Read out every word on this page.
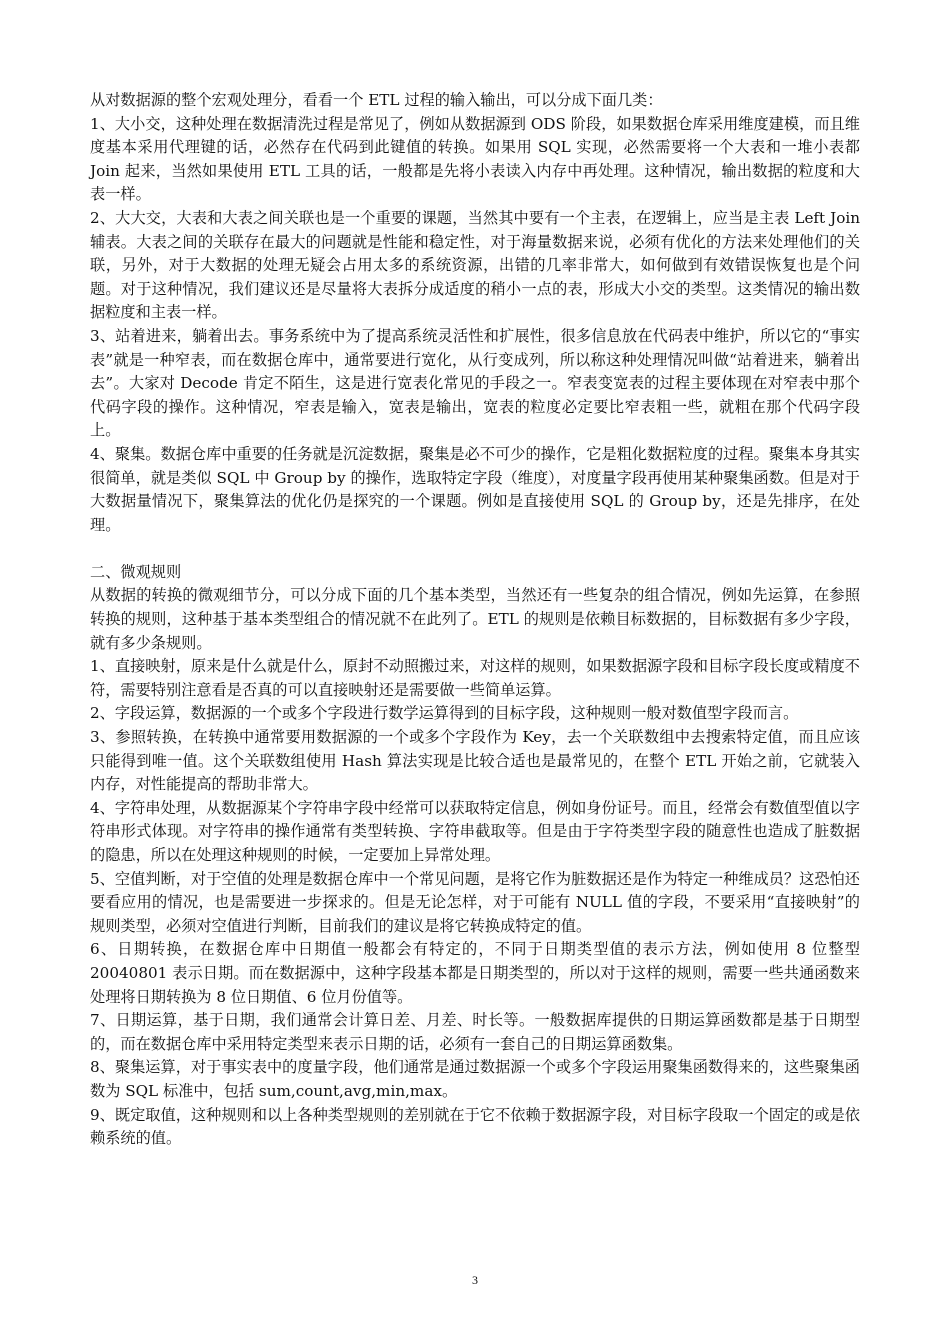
从对数据源的整个宏观处理分，看看一个 ETL 过程的输入输出，可以分成下面几类：

1、大小交，这种处理在数据清洗过程是常见了，例如从数据源到 ODS 阶段，如果数据仓库采用维度建模，而且维度基本采用代理键的话，必然存在代码到此键值的转换。如果用 SQL 实现，必然需要将一个大表和一堆小表都 Join 起来，当然如果使用 ETL 工具的话，一般都是先将小表读入内存中再处理。这种情况，输出数据的粒度和大表一样。

2、大大交，大表和大表之间关联也是一个重要的课题，当然其中要有一个主表，在逻辑上，应当是主表 Left Join 辅表。大表之间的关联存在最大的问题就是性能和稳定性，对于海量数据来说，必须有优化的方法来处理他们的关联，另外，对于大数据的处理无疑会占用太多的系统资源，出错的几率非常大，如何做到有效错误恢复也是个问题。对于这种情况，我们建议还是尽量将大表拆分成适度的稍小一点的表，形成大小交的类型。这类情况的输出数据粒度和主表一样。

3、站着进来，躺着出去。事务系统中为了提高系统灵活性和扩展性，很多信息放在代码表中维护，所以它的“事实表”就是一种窄表，而在数据仓库中，通常要进行宽化，从行变成列，所以称这种处理情况叫做“站着进来，躺着出去”。大家对 Decode 肯定不陌生，这是进行宽表化常见的手段之一。窄表变宽表的过程主要体现在对窄表中那个代码字段的操作。这种情况，窄表是输入，宽表是输出，宽表的粒度必定要比窄表粗一些，就粗在那个代码字段上。

4、聚集。数据仓库中重要的任务就是沉淀数据，聚集是必不可少的操作，它是粗化数据粒度的过程。聚集本身其实很简单，就是类似 SQL 中 Group by 的操作，选取特定字段（维度），对度量字段再使用某种聚集函数。但是对于大数据量情况下，聚集算法的优化仍是探究的一个课题。例如是直接使用 SQL 的 Group by，还是先排序，在处理。

二、微观规则

从数据的转换的微观细节分，可以分成下面的几个基本类型，当然还有一些复杂的组合情况，例如先运算，在参照转换的规则，这种基于基本类型组合的情况就不在此列了。ETL 的规则是依赖目标数据的，目标数据有多少字段，就有多少条规则。

1、直接映射，原来是什么就是什么，原封不动照搬过来，对这样的规则，如果数据源字段和目标字段长度或精度不符，需要特别注意看是否真的可以直接映射还是需要做一些简单运算。

2、字段运算，数据源的一个或多个字段进行数学运算得到的目标字段，这种规则一般对数值型字段而言。

3、参照转换，在转换中通常要用数据源的一个或多个字段作为 Key，去一个关联数组中去搜索特定值，而且应该只能得到唯一值。这个关联数组使用 Hash 算法实现是比较合适也是最常见的，在整个 ETL 开始之前，它就装入内存，对性能提高的帮助非常大。

4、字符串处理，从数据源某个字符串字段中经常可以获取特定信息，例如身份证号。而且，经常会有数值型值以字符串形式体现。对字符串的操作通常有类型转换、字符串截取等。但是由于字符类型字段的随意性也造成了脏数据的隐患，所以在处理这种规则的时候，一定要加上异常处理。

5、空值判断，对于空值的处理是数据仓库中一个常见问题，是将它作为脏数据还是作为特定一种维成员？这恐怕还要看应用的情况，也是需要进一步探求的。但是无论怎样，对于可能有 NULL 值的字段，不要采用“直接映射”的规则类型，必须对空值进行判断，目前我们的建议是将它转换成特定的值。

6、日期转换，在数据仓库中日期值一般都会有特定的，不同于日期类型值的表示方法，例如使用 8 位整型 20040801 表示日期。而在数据源中，这种字段基本都是日期类型的，所以对于这样的规则，需要一些共通函数来处理将日期转换为 8 位日期值、6 位月份值等。

7、日期运算，基于日期，我们通常会计算日差、月差、时长等。一般数据库提供的日期运算函数都是基于日期型的，而在数据仓库中采用特定类型来表示日期的话，必须有一套自己的日期运算函数集。

8、聚集运算，对于事实表中的度量字段，他们通常是通过数据源一个或多个字段运用聚集函数得来的，这些聚集函数为 SQL 标准中，包括 sum,count,avg,min,max。

9、既定取值，这种规则和以上各种类型规则的差别就在于它不依赖于数据源字段，对目标字段取一个固定的或是依赖系统的值。

3
